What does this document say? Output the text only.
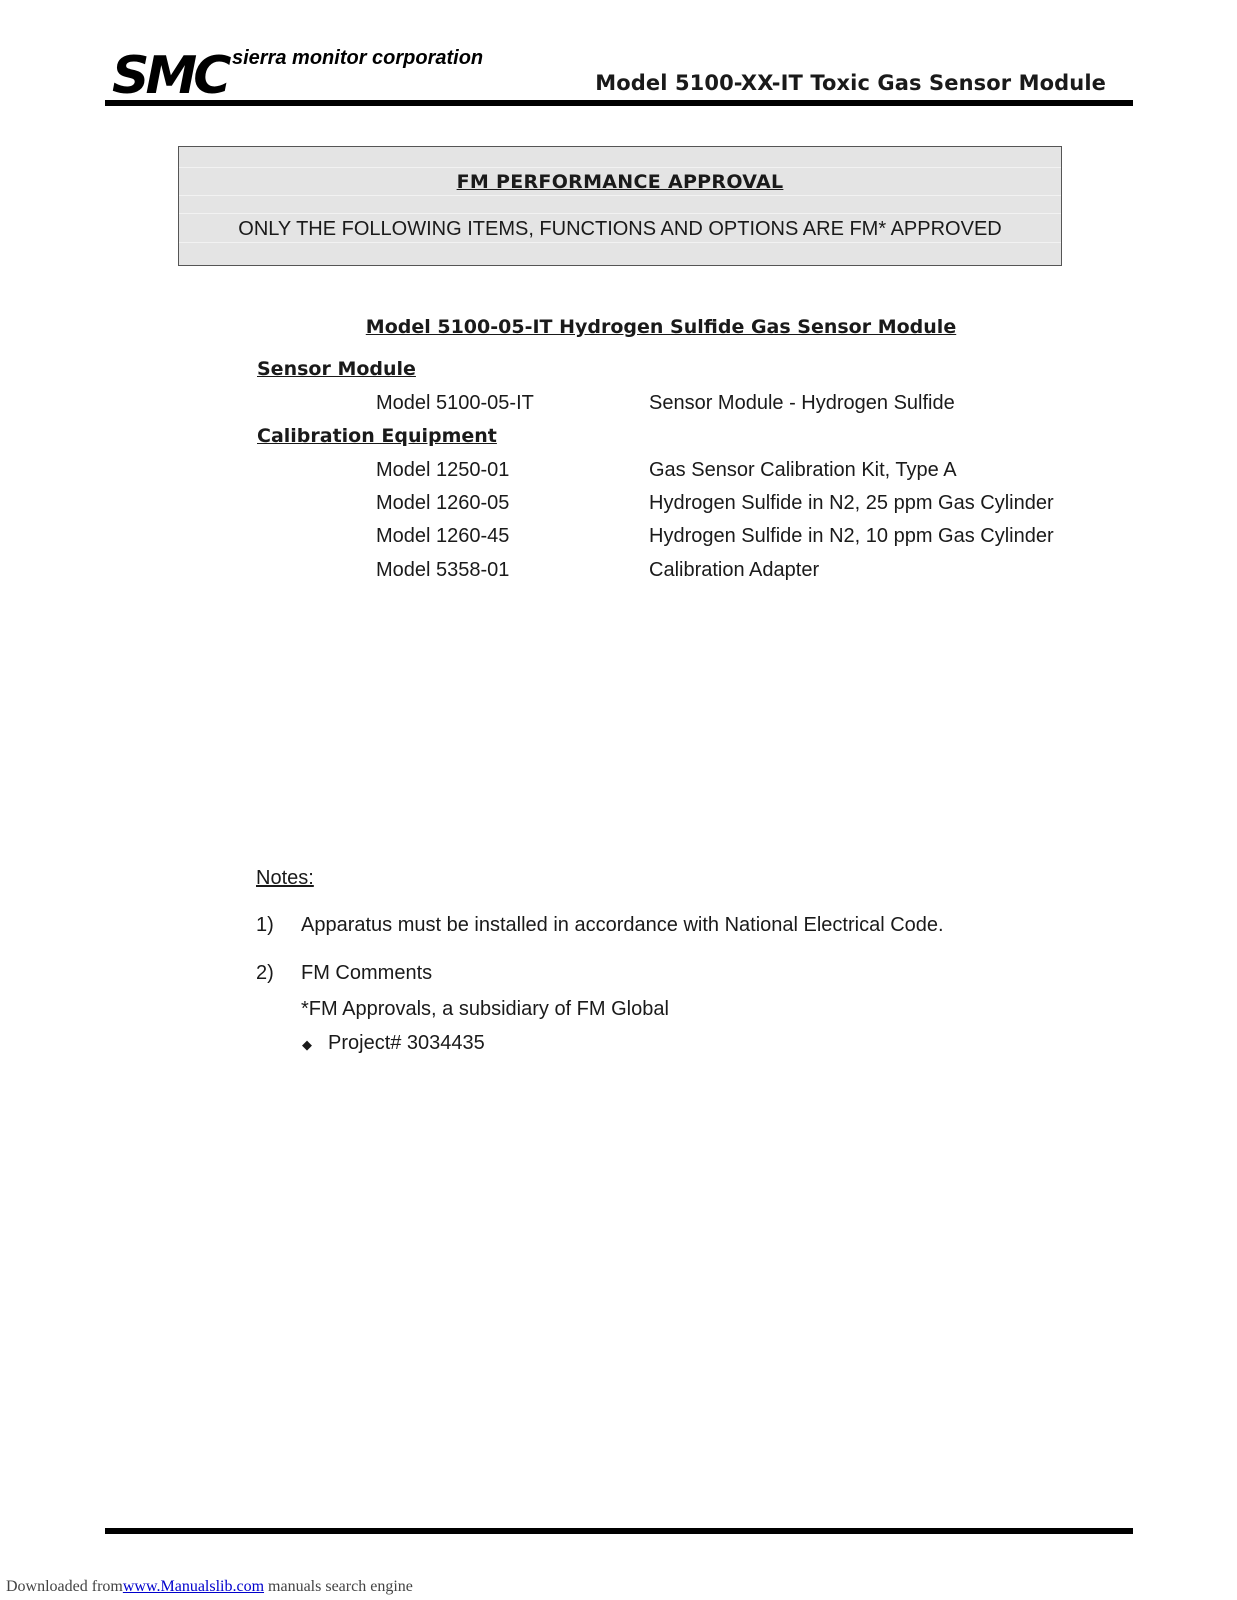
SMC sierra monitor corporation
Model 5100-XX-IT Toxic Gas Sensor Module
FM PERFORMANCE APPROVAL
ONLY THE FOLLOWING ITEMS, FUNCTIONS AND OPTIONS ARE FM* APPROVED
Model 5100-05-IT Hydrogen Sulfide Gas Sensor Module
Sensor Module
Model 5100-05-IT	Sensor Module - Hydrogen Sulfide
Calibration Equipment
Model 1250-01	Gas Sensor Calibration Kit, Type A
Model 1260-05	Hydrogen Sulfide in N2, 25 ppm Gas Cylinder
Model 1260-45	Hydrogen Sulfide in N2, 10 ppm Gas Cylinder
Model 5358-01	Calibration Adapter
Notes:
1) Apparatus must be installed in accordance with National Electrical Code.
2) FM Comments
*FM Approvals, a subsidiary of FM Global
◆ Project# 3034435
Downloaded fromwww.Manualslib.com manuals search engine
